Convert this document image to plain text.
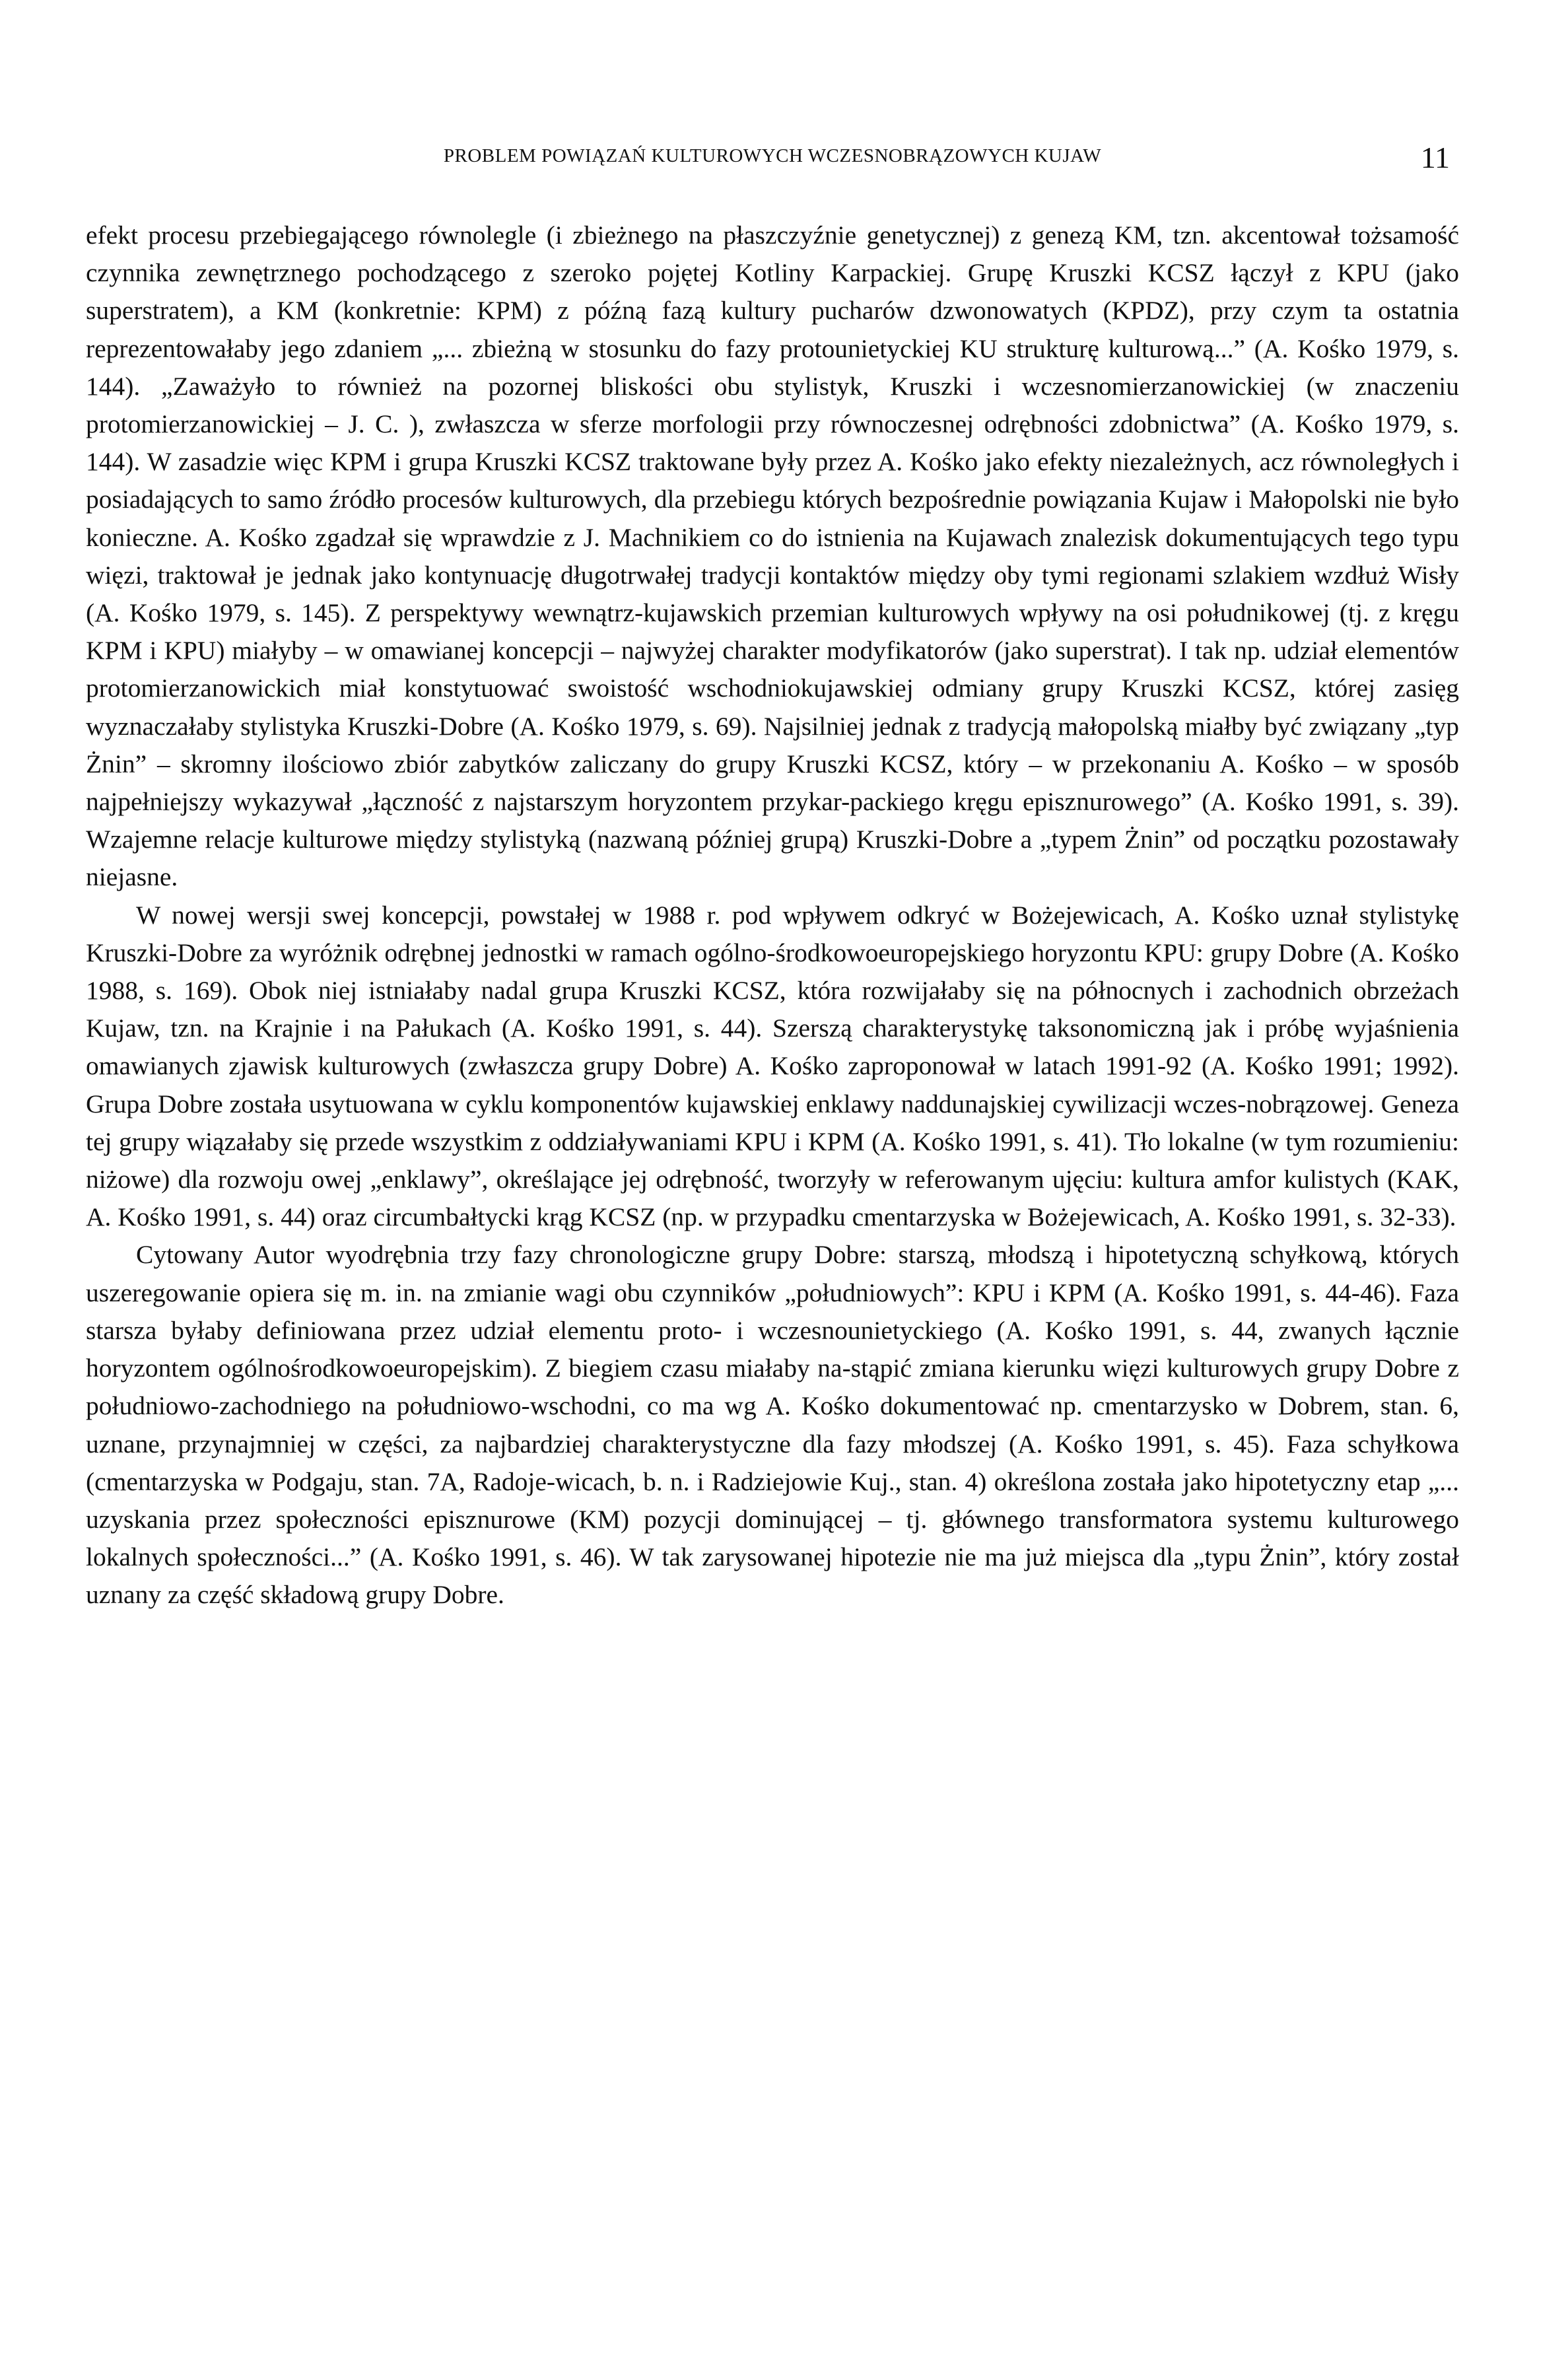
PROBLEM POWIĄZAŃ KULTUROWYCH WCZESNOBRĄZOWYCH KUJAW	11

efekt procesu przebiegającego równolegle (i zbieżnego na płaszczyźnie genetycznej) z genezą KM, tzn. akcentował tożsamość czynnika zewnętrznego pochodzącego z szeroko pojętej Kotliny Karpackiej. Grupę Kruszki KCSZ łączył z KPU (jako superstratem), a KM (konkretnie: KPM) z późną fazą kultury pucharów dzwonowatych (KPDZ), przy czym ta ostatnia reprezentowałaby jego zdaniem „... zbieżną w stosunku do fazy protounietyckiej KU strukturę kulturową...” (A. Kośko 1979, s. 144). „Zaważyło to również na pozornej bliskości obu stylistyk, Kruszki i wczesnomierzanowickiej (w znaczeniu protomierzanowickiej – J. C. ), zwłaszcza w sferze morfologii przy równoczesnej odrębności zdobnictwa” (A. Kośko 1979, s. 144). W zasadzie więc KPM i grupa Kruszki KCSZ traktowane były przez A. Kośko jako efekty niezależnych, acz równoległych i posiadających to samo źródło procesów kulturowych, dla przebiegu których bezpośrednie powiązania Kujaw i Małopolski nie było konieczne. A. Kośko zgadzał się wprawdzie z J. Machnikiem co do istnienia na Kujawach znalezisk dokumentujących tego typu więzi, traktował je jednak jako kontynuację długotrwałej tradycji kontaktów między oby tymi regionami szlakiem wzdłuż Wisły (A. Kośko 1979, s. 145). Z perspektywy wewnątrz-kujawskich przemian kulturowych wpływy na osi południkowej (tj. z kręgu KPM i KPU) miałyby – w omawianej koncepcji – najwyżej charakter modyfikatorów (jako superstrat). I tak np. udział elementów protomierzanowickich miał konstytuować swoistość wschodniokujawskiej odmiany grupy Kruszki KCSZ, której zasięg wyznaczałaby stylistyka Kruszki-Dobre (A. Kośko 1979, s. 69). Najsilniej jednak z tradycją małopolską miałby być związany „typ Żnin” – skromny ilościowo zbiór zabytków zaliczany do grupy Kruszki KCSZ, który – w przekonaniu A. Kośko – w sposób najpełniejszy wykazywał „łączność z najstarszym horyzontem przykar-packiego kręgu episznurowego” (A. Kośko 1991, s. 39). Wzajemne relacje kulturowe między stylistyką (nazwaną później grupą) Kruszki-Dobre a „typem Żnin” od początku pozostawały niejasne.

W nowej wersji swej koncepcji, powstałej w 1988 r. pod wpływem odkryć w Bożejewicach, A. Kośko uznał stylistykę Kruszki-Dobre za wyróżnik odrębnej jednostki w ramach ogólno-środkowoeuropejskiego horyzontu KPU: grupy Dobre (A. Kośko 1988, s. 169). Obok niej istniałaby nadal grupa Kruszki KCSZ, która rozwijałaby się na północnych i zachodnich obrzeżach Kujaw, tzn. na Krajnie i na Pałukach (A. Kośko 1991, s. 44). Szerszą charakterystykę taksonomiczną jak i próbę wyjaśnienia omawianych zjawisk kulturowych (zwłaszcza grupy Dobre) A. Kośko zaproponował w latach 1991-92 (A. Kośko 1991; 1992). Grupa Dobre została usytuowana w cyklu komponentów kujawskiej enklawy naddunajskiej cywilizacji wczes-nobrązowej. Geneza tej grupy wiązałaby się przede wszystkim z oddziaływaniami KPU i KPM (A. Kośko 1991, s. 41). Tło lokalne (w tym rozumieniu: niżowe) dla rozwoju owej „enklawy”, określające jej odrębność, tworzyły w referowanym ujęciu: kultura amfor kulistych (KAK, A. Kośko 1991, s. 44) oraz circumbałtycki krąg KCSZ (np. w przypadku cmentarzyska w Bożejewicach, A. Kośko 1991, s. 32-33).

Cytowany Autor wyodrębnia trzy fazy chronologiczne grupy Dobre: starszą, młodszą i hipotetyczną schyłkową, których uszeregowanie opiera się m. in. na zmianie wagi obu czynników „południowych”: KPU i KPM (A. Kośko 1991, s. 44-46). Faza starsza byłaby definiowana przez udział elementu proto- i wczesnounietyckiego (A. Kośko 1991, s. 44, zwanych łącznie horyzontem ogólnośrodkowoeuropejskim). Z biegiem czasu miałaby na-stąpić zmiana kierunku więzi kulturowych grupy Dobre z południowo-zachodniego na południowo-wschodni, co ma wg A. Kośko dokumentować np. cmentarzysko w Dobrem, stan. 6, uznane, przynajmniej w części, za najbardziej charakterystyczne dla fazy młodszej (A. Kośko 1991, s. 45). Faza schyłkowa (cmentarzyska w Podgaju, stan. 7A, Radoje-wicach, b. n. i Radziejowie Kuj., stan. 4) określona została jako hipotetyczny etap „... uzyskania przez społeczności episznurowe (KM) pozycji dominującej – tj. głównego transformatora systemu kulturowego lokalnych społeczności...” (A. Kośko 1991, s. 46). W tak zarysowanej hipotezie nie ma już miejsca dla „typu Żnin”, który został uznany za część składową grupy Dobre.
